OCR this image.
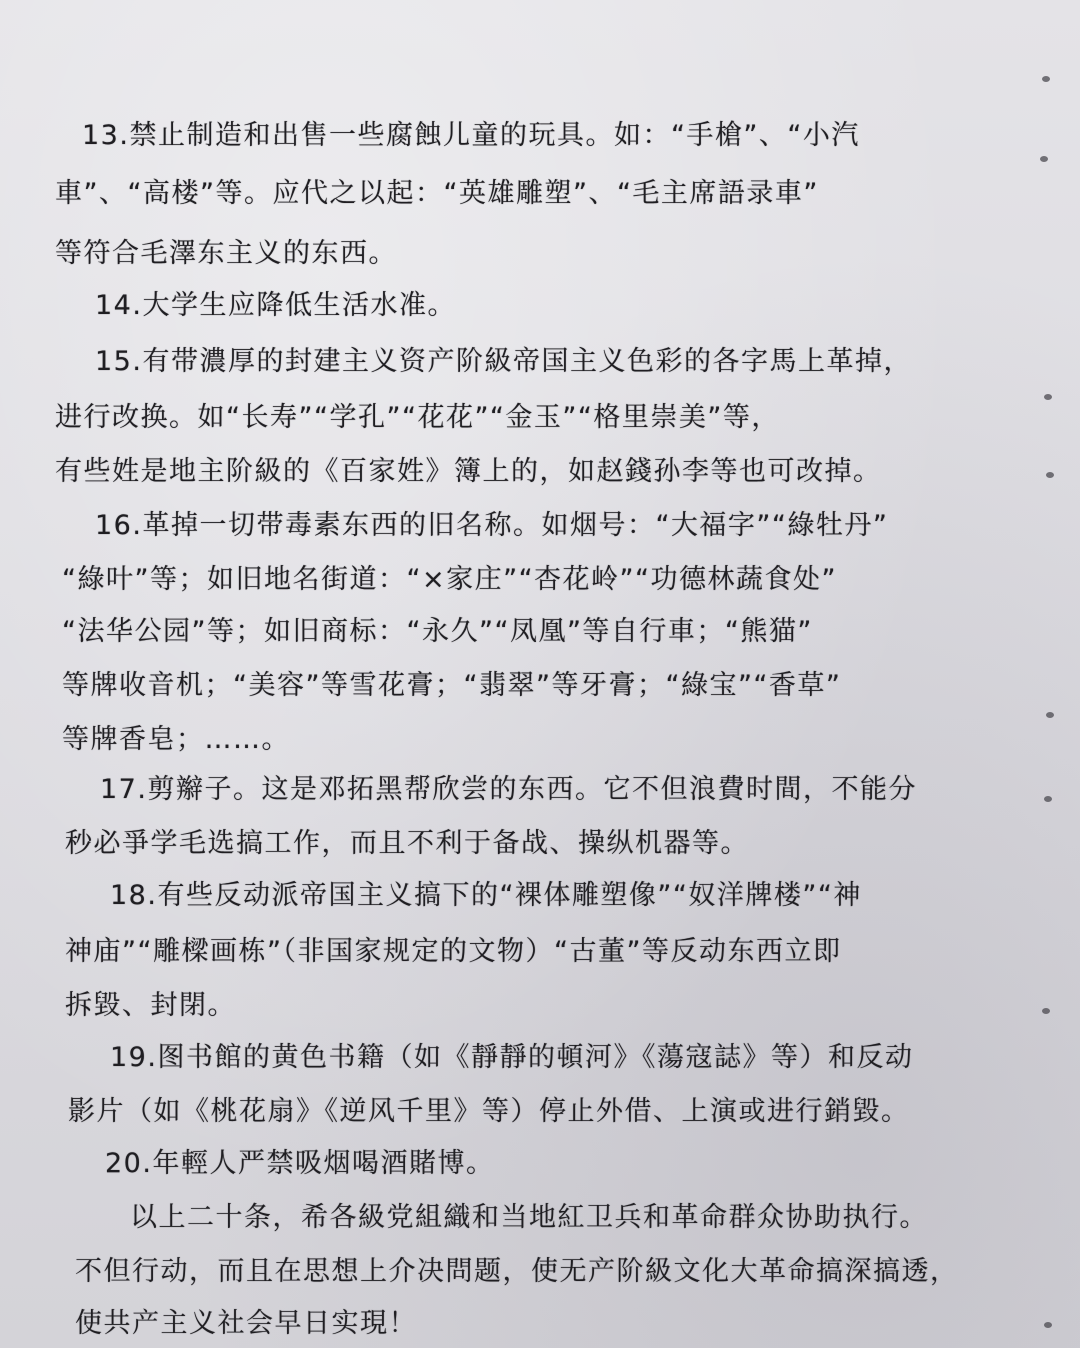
13.禁止制造和出售一些腐蝕儿童的玩具。如：“手槍”、“小汽
車”、“高楼”等。应代之以起：“英雄雕塑”、“毛主席語录車”
等符合毛澤东主义的东西。
14.大学生应降低生活水准。
15.有带濃厚的封建主义资产阶級帝国主义色彩的各字馬上革掉，
进行改换。如“长寿”“学孔”“花花”“金玉”“格里崇美”等，
有些姓是地主阶級的《百家姓》簿上的，如赵錢孙李等也可改掉。
16.革掉一切带毒素东西的旧名称。如烟号：“大福字”“綠牡丹”
“綠叶”等；如旧地名街道：“×家庄”“杏花岭”“功德林蔬食处”
“法华公园”等；如旧商标：“永久”“凤凰”等自行車；“熊猫”
等牌收音机；“美容”等雪花膏；“翡翠”等牙膏；“綠宝”“香草”
等牌香皂；……。
17.剪辮子。这是邓拓黑帮欣尝的东西。它不但浪費时間，不能分
秒必爭学毛选搞工作，而且不利于备战、操纵机器等。
18.有些反动派帝国主义搞下的“裸体雕塑像”“奴洋牌楼”“神
神庙”“雕樑画栋”（非国家规定的文物）“古董”等反动东西立即
拆毀、封閉。
19.图书館的黄色书籍（如《靜靜的頓河》《蕩寇誌》等）和反动
影片（如《桃花扇》《逆风千里》等）停止外借、上演或进行銷毀。
20.年輕人严禁吸烟喝酒賭博。
以上二十条，希各級党組織和当地紅卫兵和革命群众协助执行。
不但行动，而且在思想上介决問题，使无产阶級文化大革命搞深搞透，
使共产主义社会早日实現！
